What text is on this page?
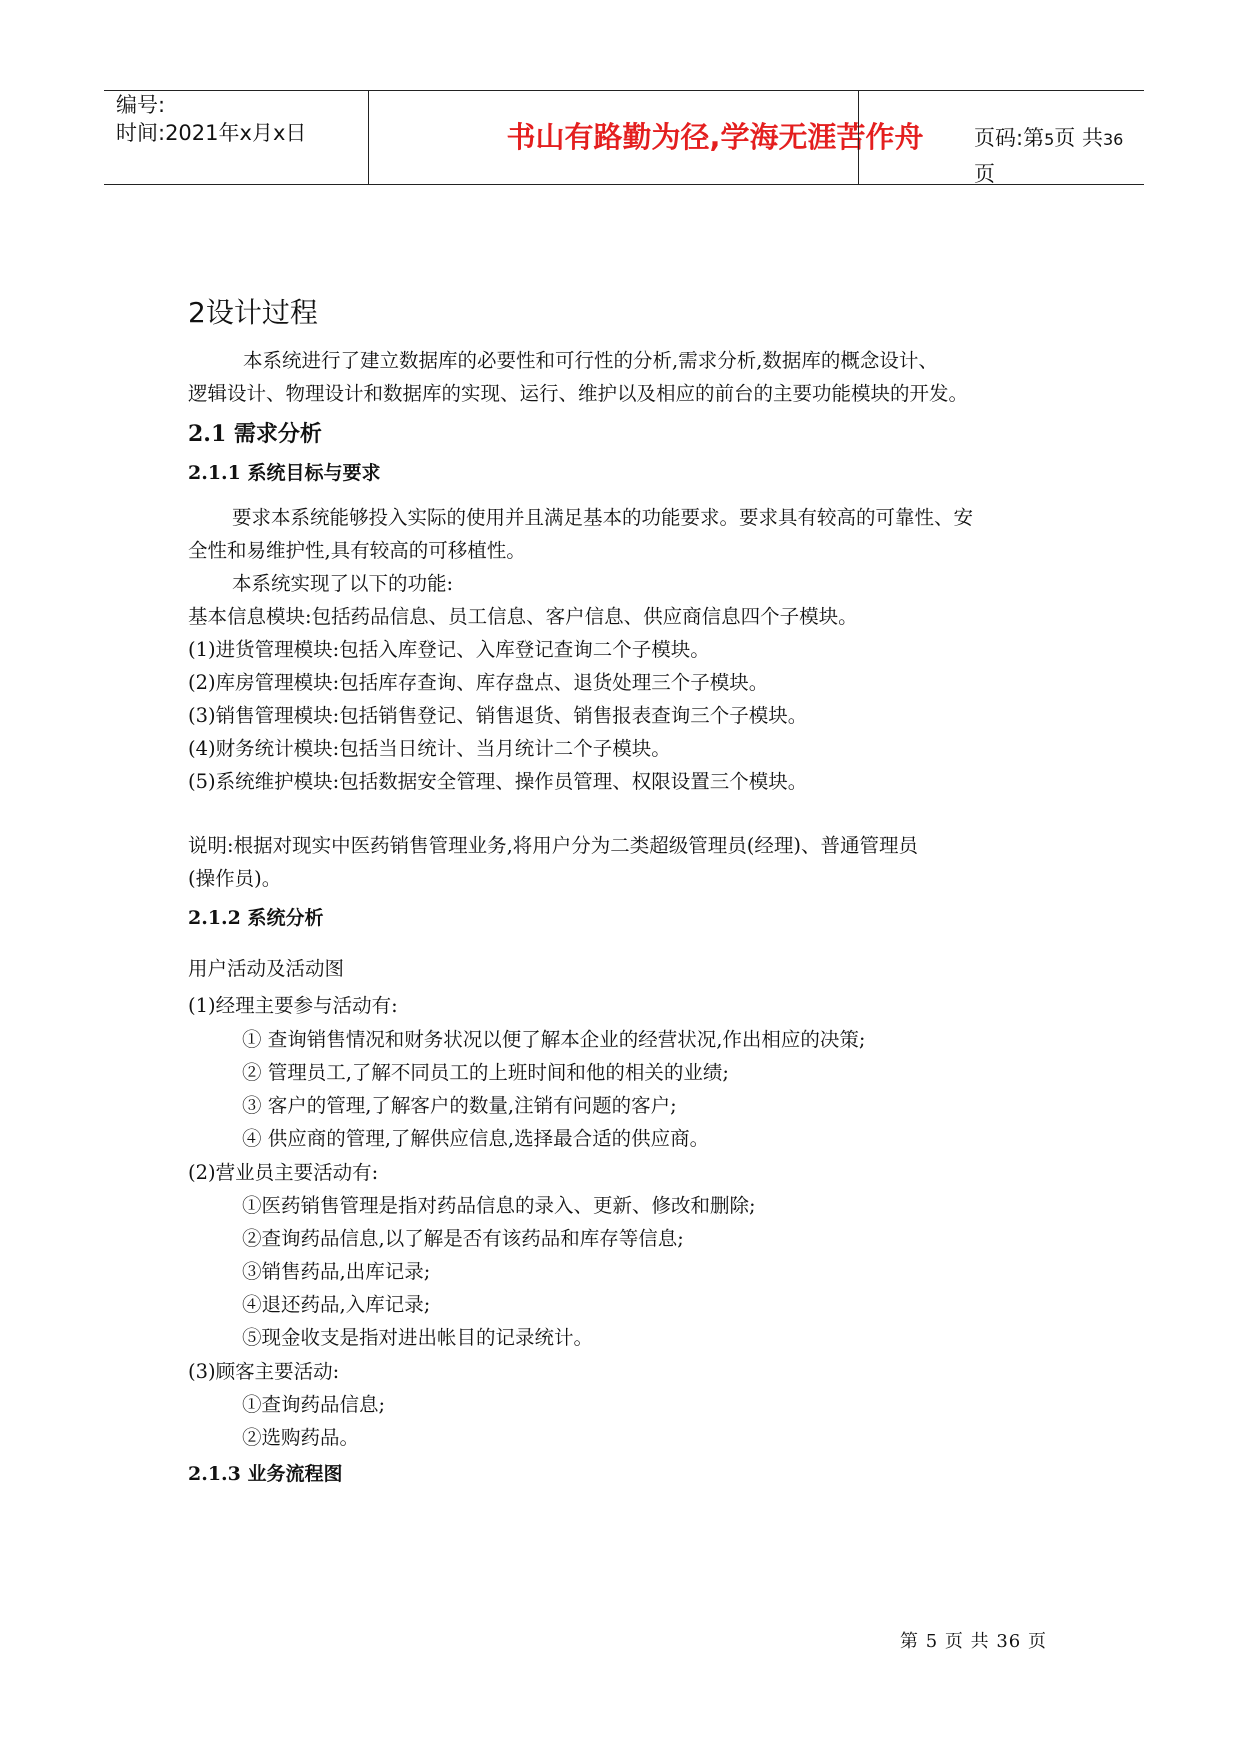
编号:
时间:2021年x月x日	书山有路勤为径,学海无涯苦作舟	页码:第5页 共36页
2设计过程
本系统进行了建立数据库的必要性和可行性的分析,需求分析,数据库的概念设计、
逻辑设计、物理设计和数据库的实现、运行、维护以及相应的前台的主要功能模块的开发。
2.1 需求分析
2.1.1 系统目标与要求
要求本系统能够投入实际的使用并且满足基本的功能要求。要求具有较高的可靠性、安
全性和易维护性,具有较高的可移植性。
本系统实现了以下的功能:
基本信息模块:包括药品信息、员工信息、客户信息、供应商信息四个子模块。
(1)进货管理模块:包括入库登记、入库登记查询二个子模块。
(2)库房管理模块:包括库存查询、库存盘点、退货处理三个子模块。
(3)销售管理模块:包括销售登记、销售退货、销售报表查询三个子模块。
(4)财务统计模块:包括当日统计、当月统计二个子模块。
(5)系统维护模块:包括数据安全管理、操作员管理、权限设置三个模块。
说明:根据对现实中医药销售管理业务,将用户分为二类超级管理员(经理)、普通管理员
(操作员)。
2.1.2 系统分析
用户活动及活动图
(1)经理主要参与活动有:
① 查询销售情况和财务状况以便了解本企业的经营状况,作出相应的决策;
② 管理员工,了解不同员工的上班时间和他的相关的业绩;
③ 客户的管理,了解客户的数量,注销有问题的客户;
④ 供应商的管理,了解供应信息,选择最合适的供应商。
(2)营业员主要活动有:
①医药销售管理是指对药品信息的录入、更新、修改和删除;
②查询药品信息,以了解是否有该药品和库存等信息;
③销售药品,出库记录;
④退还药品,入库记录;
⑤现金收支是指对进出帐目的记录统计。
(3)顾客主要活动:
①查询药品信息;
②选购药品。
2.1.3 业务流程图
第 5 页 共 36 页
